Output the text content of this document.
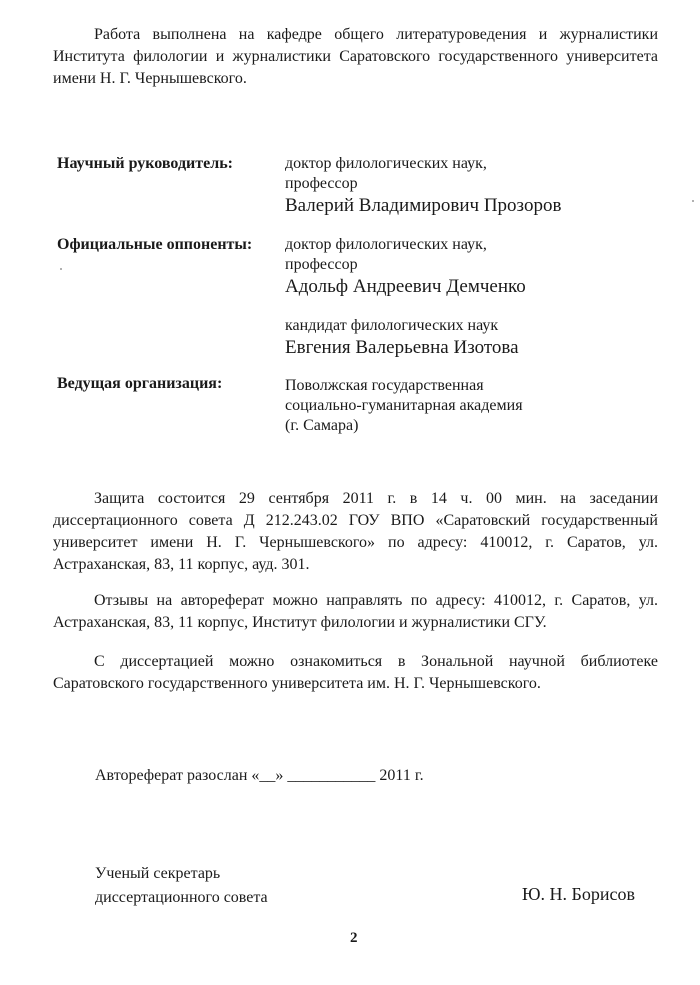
Работа выполнена на кафедре общего литературоведения и журналистики Института филологии и журналистики Саратовского государственного университета имени Н. Г. Чернышевского.

Научный руководитель:	доктор филологических наук,
профессор
Валерий Владимирович Прозоров
Официальные оппоненты: доктор филологических наук,
профессор
Адольф Андреевич Демченко
кандидат филологических наук
Евгения Валерьевна Изотова
Ведущая организация:	Поволжская государственная
социально-гуманитарная академия
(г. Самара)

Защита состоится 29 сентября 2011 г. в 14 ч. 00 мин. на заседании диссертационного совета Д 212.243.02 ГОУ ВПО «Саратовский государственный университет имени Н. Г. Чернышевского» по адресу: 410012, г. Саратов, ул. Астраханская, 83, 11 корпус, ауд. 301.

Отзывы на автореферат можно направлять по адресу: 410012, г. Саратов, ул. Астраханская, 83, 11 корпус, Институт филологии и журналистики СГУ.

С диссертацией можно ознакомиться в Зональной научной библиотеке Саратовского государственного университета им. Н. Г. Чернышевского.

Автореферат разослан «__» ___________ 2011 г.
Ученый секретарь
диссертационного совета	Ю. Н. Борисов
2
